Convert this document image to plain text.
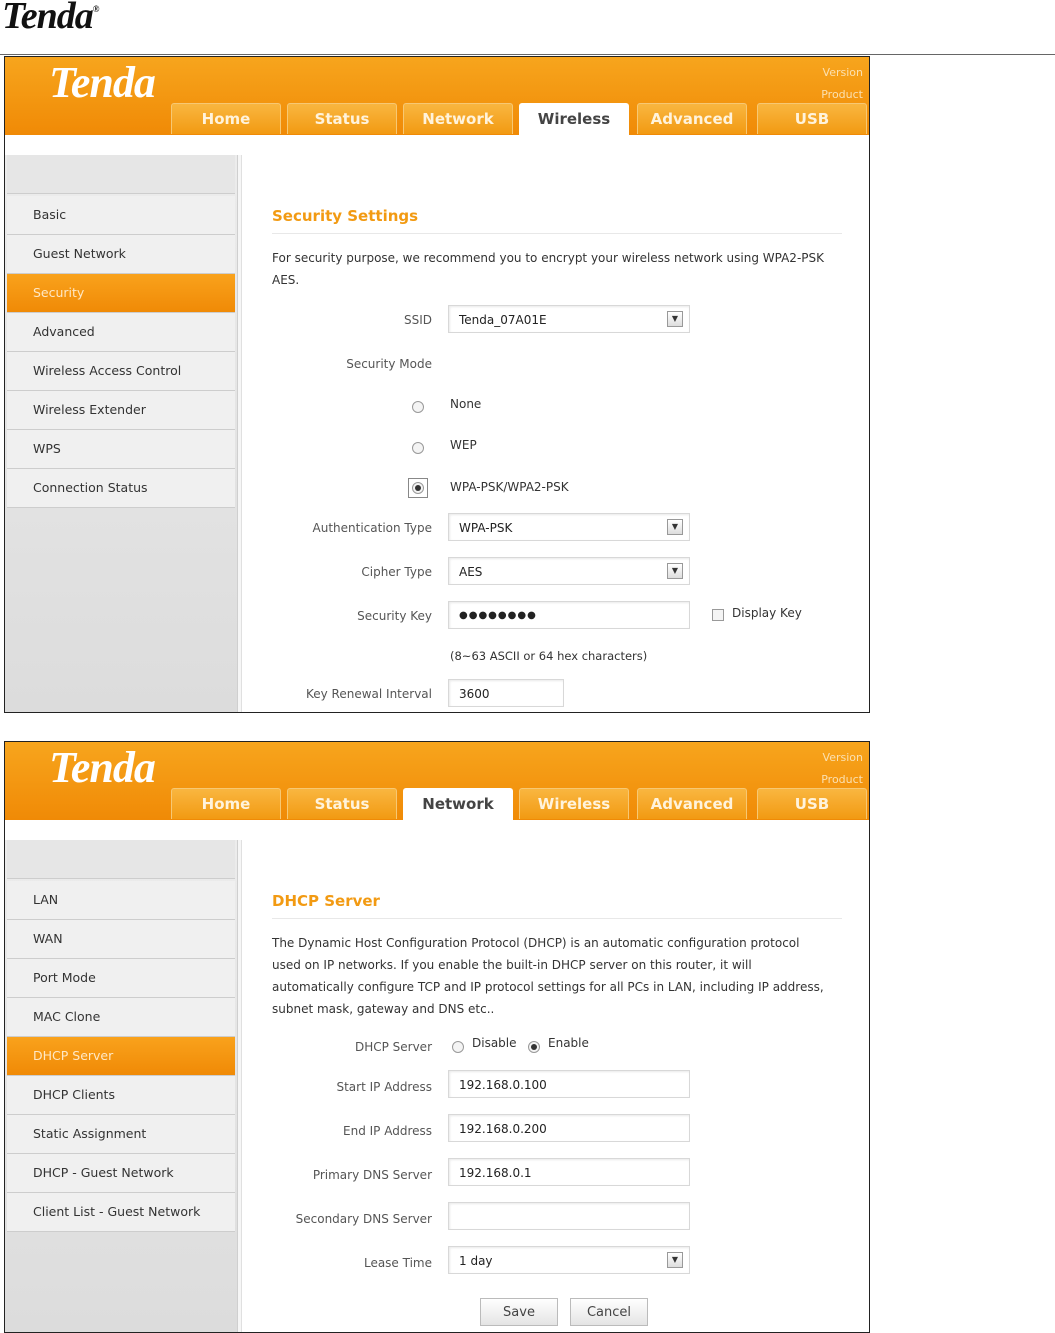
Tenda®
Tenda	Version
Product
Home	Status	Network	Wireless	Advanced	USB
Basic
Guest Network
Security
Advanced
Wireless Access Control
Wireless Extender
WPS
Connection Status
Security Settings
For security purpose, we recommend you to encrypt your wireless network using WPA2-PSK AES.
SSID	Tenda_07A01E	▼
Security Mode
None
WEP
WPA-PSK/WPA2-PSK
Authentication Type	WPA-PSK	▼
Cipher Type	AES	▼
Security Key	●●●●●●●●	Display Key
(8~63 ASCII or 64 hex characters)
Key Renewal Interval	3600
Tenda	Version
Product
Home	Status	Network	Wireless	Advanced	USB
LAN
WAN
Port Mode
MAC Clone
DHCP Server
DHCP Clients
Static Assignment
DHCP - Guest Network
Client List - Guest Network
DHCP Server
The Dynamic Host Configuration Protocol (DHCP) is an automatic configuration protocol used on IP networks. If you enable the built-in DHCP server on this router, it will automatically configure TCP and IP protocol settings for all PCs in LAN, including IP address, subnet mask, gateway and DNS etc..
DHCP Server	Disable	Enable
Start IP Address	192.168.0.100
End IP Address	192.168.0.200
Primary DNS Server	192.168.0.1
Secondary DNS Server
Lease Time	1 day	▼
Save	Cancel
